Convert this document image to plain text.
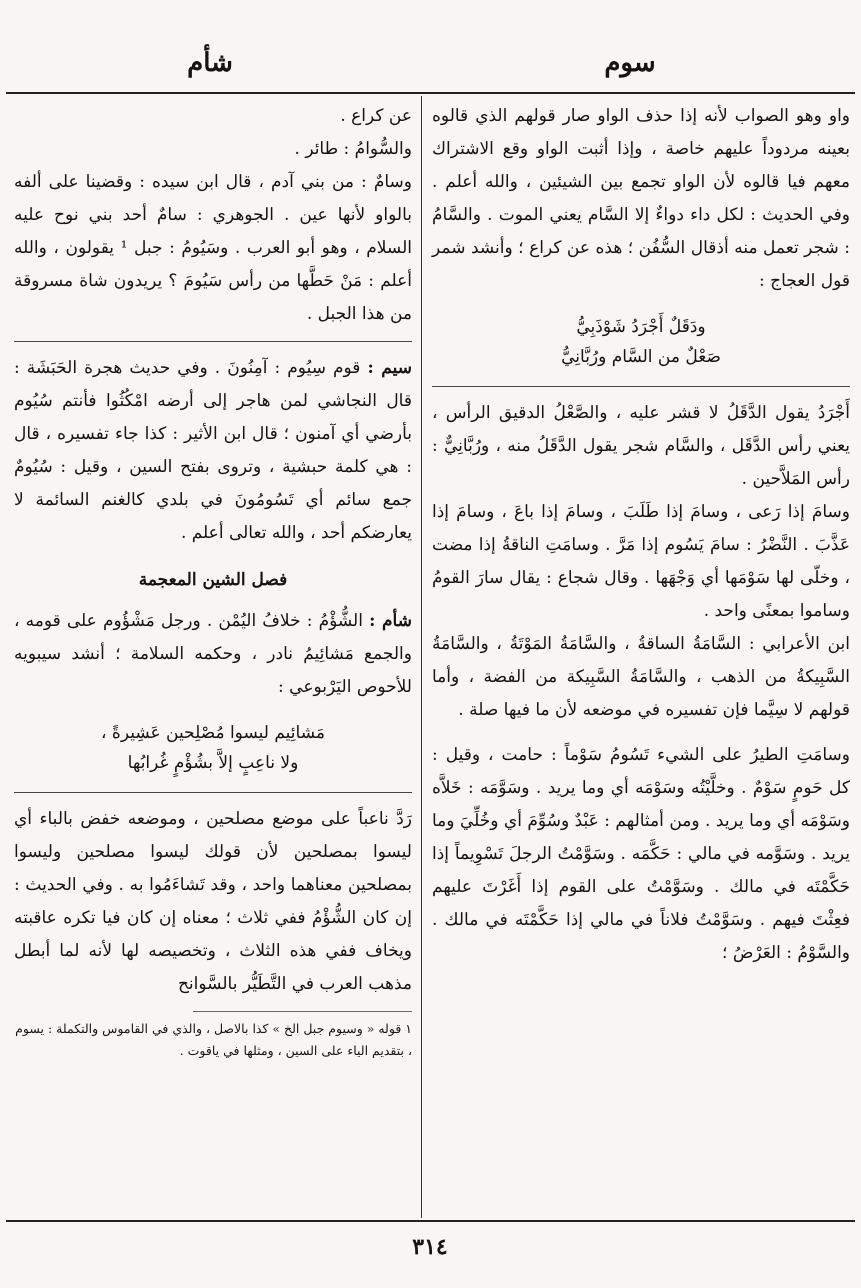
سوم
شأم

واو وهو الصواب لأنه إذا حذف الواو صار قولهم الذي قالوه بعينه مردوداً عليهم خاصة ، وإذا أثبت الواو وقع الاشتراك معهم فيا قالوه لأن الواو تجمع بين الشيئين ، والله أعلم . وفي الحديث : لكل داء دواءٌ إلا السَّام يعني الموت . والسَّامُ : شجر تعمل منه أذقال السُّفُن ؛ هذه عن كراع ؛ وأنشد شمر قول العجاج :

ودَقَلٌ أَجْرَدُ شَوْذَبِيُّ
صَعْلٌ من السَّام ورُبَّانِيُّ

أَجْرَدُ يقول الدَّقَلُ لا قشر عليه ، والصَّعْلُ الدقيق الرأس ، يعني رأس الدَّقَل ، والسَّام شجر يقول الدَّقَلُ منه ، ورُبَّانِيٌّ : رأس المَلاَّحين .

وسامَ إذا رَعى ، وسامَ إذا طَلَبَ ، وسامَ إذا باعَ ، وسامَ إذا عَذَّبَ . النَّضْرُ : سامَ يَسُوم إذا مَرَّ . وسامَتِ الناقةُ إذا مضت ، وخلّى لها سَوْمَها أي وَجْهَها . وقال شجاع : يقال سارَ القومُ وساموا بمعنًى واحد .

ابن الأعرابي : السَّامَةُ الساقةُ ، والسَّامَةُ المَوْتَةُ ، والسَّامَةُ السَّبِيكةُ من الذهب ، والسَّامَةُ السَّبِيكة من الفضة ، وأما قولهم لا سِيَّما فإن تفسيره في موضعه لأن ما فيها صلة .

وسامَتِ الطيرُ على الشيء تَسُومُ سَوْماً : حامت ، وقيل : كل حَومٍ سَوْمٌ . وخلَّيْتُه وسَوْمَه أي وما يريد . وسَوَّمَه : خَلاَّه وسَوْمَه أي وما يريد . ومن أمثالهم : عَبْدٌ وسُوِّمَ أي وخُلِّيَ وما يريد . وسَوَّمه في مالي : حَكَّمَه . وسَوَّمْتُ الرجلَ تَسْوِيماً إذا حَكَّمْتَه في مالك . وسَوَّمْتُ على القوم إذا أَغَرْتَ عليهم فعِثْتَ فيهم . وسَوَّمْتُ فلاناً في مالي إذا حَكَّمْتَه في مالك . والسَّوْمُ : العَرْضُ ؛

عن كراع .

والسُّوامُ : طائر .

وسامٌ : من بني آدم ، قال ابن سيده : وقضينا على ألفه بالواو لأنها عين . الجوهري : سامٌ أحد بني نوح عليه السلام ، وهو أبو العرب . وسَيُومُ : جبل ¹ يقولون ، والله أعلم : مَنْ حَطَّها من رأس سَيُومَ ؟ يريدون شاة مسروقة من هذا الجبل .

سيم : قوم سِيُوم : آمِنُونَ . وفي حديث هجرة الحَبَشَة : قال النجاشي لمن هاجر إلى أرضه امْكُثُوا فأنتم سُيُوم بأرضي أي آمنون ؛ قال ابن الأثير : كذا جاء تفسيره ، قال : هي كلمة حبشية ، وتروى بفتح السين ، وقيل : سُيُومٌ جمع سائم أي تَسُومُونَ في بلدي كالغنم السائمة لا يعارضكم أحد ، والله تعالى أعلم .

فصل الشين المعجمة

شأم : الشُّؤْمُ : خلافُ اليُمْن . ورجل مَشْؤُوم على قومه ، والجمع مَشائِيمُ نادر ، وحكمه السلامة ؛ أنشد سيبويه للأحوص اليَرْبوعي :

مَشائِيم ليسوا مُصْلِحين عَشِيرةً ،
ولا ناعِبٍ إلاَّ بشُؤْمٍ غُرابُها

رَدَّ ناعباً على موضع مصلحين ، وموضعه خفض بالباء أي ليسوا بمصلحين لأن قولك ليسوا مصلحين وليسوا بمصلحين معناهما واحد ، وقد تَشاءَمُوا به . وفي الحديث : إن كان الشُّؤْمُ ففي ثلاث ؛ معناه إن كان فيا تكره عاقبته ويخاف ففي هذه الثلاث ، وتخصيصه لها لأنه لما أبطل مذهب العرب في التَّطَيُّر بالسَّوانح

١ قوله « وسيوم جبل الخ » كذا بالاصل ، والذي في القاموس والتكملة : يسوم ، بتقديم الياء على السين ، ومثلها في ياقوت .
٣١٤
